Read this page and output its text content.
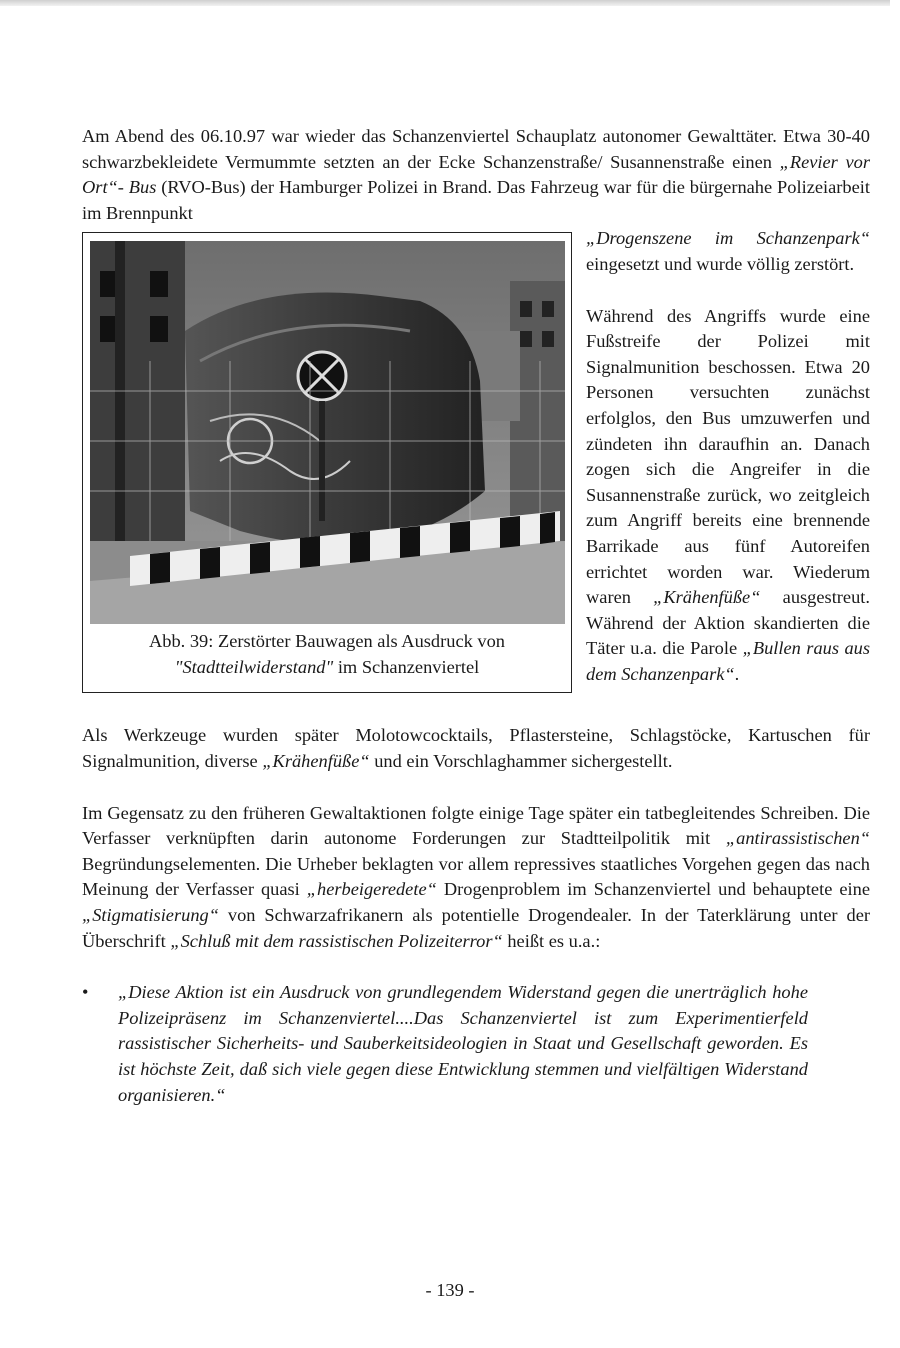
Am Abend des 06.10.97 war wieder das Schanzenviertel Schauplatz autonomer Gewalttäter. Etwa 30-40 schwarzbekleidete Vermummte setzten an der Ecke Schanzenstraße/ Susannenstraße einen „Revier vor Ort“- Bus (RVO-Bus) der Hamburger Polizei in Brand. Das Fahrzeug war für die bürgernahe Polizeiarbeit im Brennpunkt

Abb. 39: Zerstörter Bauwagen als Ausdruck von
"Stadtteilwiderstand" im Schanzenviertel

„Drogenszene im Schanzenpark“ eingesetzt und wurde völlig zerstört.

Während des Angriffs wurde eine Fußstreife der Polizei mit Signalmunition beschossen. Etwa 20 Personen versuchten zunächst erfolglos, den Bus umzuwerfen und zündeten ihn daraufhin an. Danach zogen sich die Angreifer in die Susannenstraße zurück, wo zeitgleich zum Angriff bereits eine brennende Barrikade aus fünf Autoreifen errichtet worden war. Wiederum waren „Krähenfüße“ ausgestreut. Während der Aktion skandierten die Täter u.a. die Parole „Bullen raus aus dem Schanzenpark“.

Als Werkzeuge wurden später Molotowcocktails, Pflastersteine, Schlagstöcke, Kartuschen für Signalmunition, diverse „Krähenfüße“ und ein Vorschlaghammer sichergestellt.

Im Gegensatz zu den früheren Gewaltaktionen folgte einige Tage später ein tatbegleitendes Schreiben. Die Verfasser verknüpften darin autonome Forderungen zur Stadtteilpolitik mit „antirassistischen“ Begründungselementen. Die Urheber beklagten vor allem repressives staatliches Vorgehen gegen das nach Meinung der Verfasser quasi „herbeigeredete“ Drogenproblem im Schanzenviertel und behauptete eine „Stigmatisierung“ von Schwarzafrikanern als potentielle Drogendealer. In der Taterklärung unter der Überschrift „Schluß mit dem rassistischen Polizeiterror“ heißt es u.a.:

• „Diese Aktion ist ein Ausdruck von grundlegendem Widerstand gegen die unerträglich hohe Polizeipräsenz im Schanzenviertel....Das Schanzenviertel ist zum Experimentierfeld rassistischer Sicherheits- und Sauberkeitsideologien in Staat und Gesellschaft geworden. Es ist höchste Zeit, daß sich viele gegen diese Entwicklung stemmen und vielfältigen Widerstand organisieren.“
- 139 -
